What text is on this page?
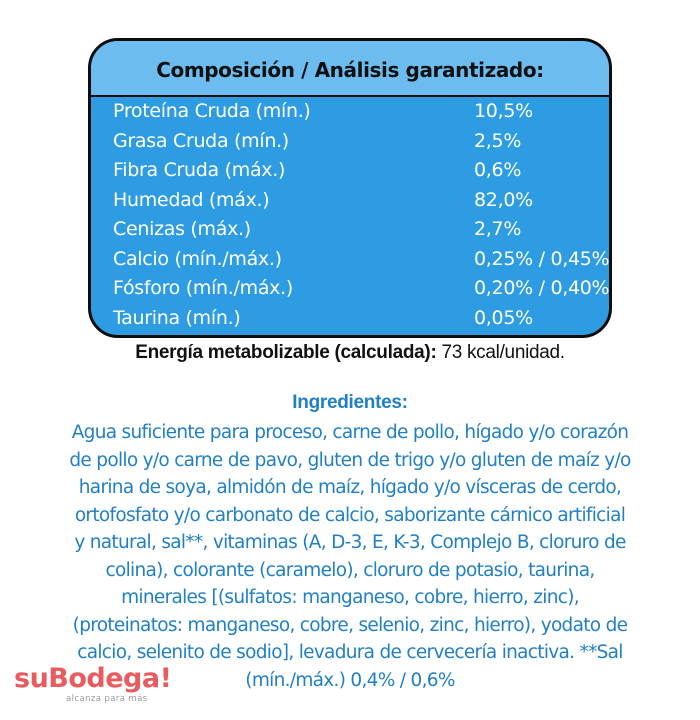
Composición / Análisis garantizado:
Proteína Cruda (mín.)	10,5%
Grasa Cruda (mín.)	2,5%
Fibra Cruda (máx.)	0,6%
Humedad (máx.)	82,0%
Cenizas (máx.)	2,7%
Calcio (mín./máx.)	0,25% / 0,45%
Fósforo (mín./máx.)	0,20% / 0,40%
Taurina (mín.)	0,05%
Energía metabolizable (calculada): 73 kcal/unidad.
Ingredientes:
Agua suficiente para proceso, carne de pollo, hígado y/o corazón
de pollo y/o carne de pavo, gluten de trigo y/o gluten de maíz y/o
harina de soya, almidón de maíz, hígado y/o vísceras de cerdo,
ortofosfato y/o carbonato de calcio, saborizante cárnico artificial
y natural, sal**, vitaminas (A, D-3, E, K-3, Complejo B, cloruro de
colina), colorante (caramelo), cloruro de potasio, taurina,
minerales [(sulfatos: manganeso, cobre, hierro, zinc),
(proteinatos: manganeso, cobre, selenio, zinc, hierro), yodato de
calcio, selenito de sodio], levadura de cervecería inactiva. **Sal
(mín./máx.) 0,4% / 0,6%
suBodega!
alcanza para más
